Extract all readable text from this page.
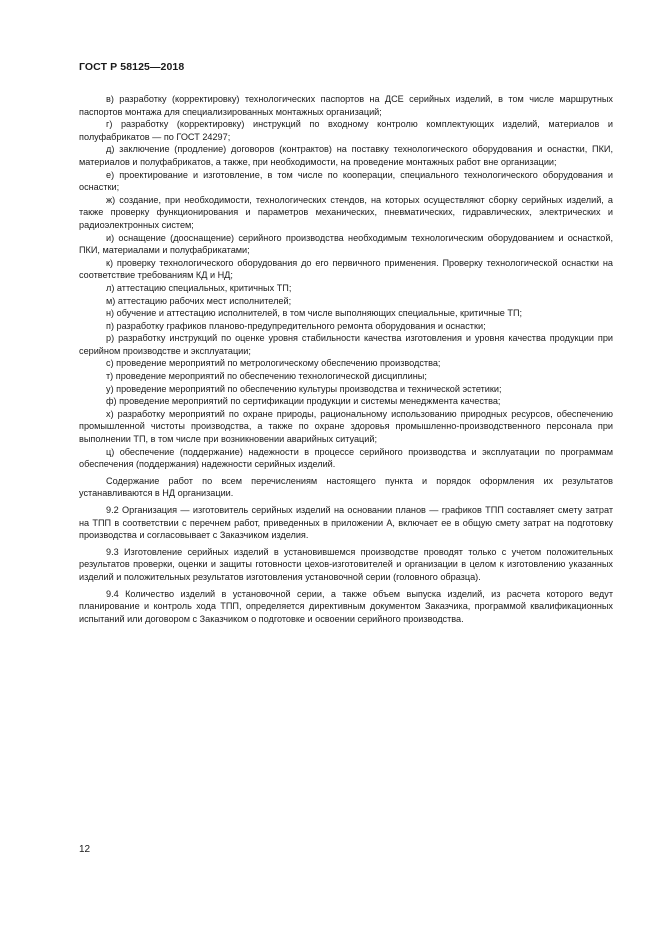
ГОСТ Р 58125—2018

в) разработку (корректировку) технологических паспортов на ДСЕ серийных изделий, в том числе маршрутных паспортов монтажа для специализированных монтажных организаций;

г) разработку (корректировку) инструкций по входному контролю комплектующих изделий, материалов и полуфабрикатов — по ГОСТ 24297;

д) заключение (продление) договоров (контрактов) на поставку технологического оборудования и оснастки, ПКИ, материалов и полуфабрикатов, а также, при необходимости, на проведение монтажных работ вне организации;

е) проектирование и изготовление, в том числе по кооперации, специального технологического оборудования и оснастки;

ж) создание, при необходимости, технологических стендов, на которых осуществляют сборку серийных изделий, а также проверку функционирования и параметров механических, пневматических, гидравлических, электрических и радиоэлектронных систем;

и) оснащение (дооснащение) серийного производства необходимым технологическим оборудованием и оснасткой, ПКИ, материалами и полуфабрикатами;

к) проверку технологического оборудования до его первичного применения. Проверку технологической оснастки на соответствие требованиям КД и НД;

л) аттестацию специальных, критичных ТП;

м) аттестацию рабочих мест исполнителей;

н) обучение и аттестацию исполнителей, в том числе выполняющих специальные, критичные ТП;

п) разработку графиков планово-предупредительного ремонта оборудования и оснастки;

р) разработку инструкций по оценке уровня стабильности качества изготовления и уровня качества продукции при серийном производстве и эксплуатации;

с) проведение мероприятий по метрологическому обеспечению производства;

т) проведение мероприятий по обеспечению технологической дисциплины;

у) проведение мероприятий по обеспечению культуры производства и технической эстетики;

ф) проведение мероприятий по сертификации продукции и системы менеджмента качества;

х) разработку мероприятий по охране природы, рациональному использованию природных ресурсов, обеспечению промышленной чистоты производства, а также по охране здоровья промышленно-производственного персонала при выполнении ТП, в том числе при возникновении аварийных ситуаций;

ц) обеспечение (поддержание) надежности в процессе серийного производства и эксплуатации по программам обеспечения (поддержания) надежности серийных изделий.

Содержание работ по всем перечислениям настоящего пункта и порядок оформления их результатов устанавливаются в НД организации.

9.2 Организация — изготовитель серийных изделий на основании планов — графиков ТПП составляет смету затрат на ТПП в соответствии с перечнем работ, приведенных в приложении А, включает ее в общую смету затрат на подготовку производства и согласовывает с Заказчиком изделия.

9.3 Изготовление серийных изделий в установившемся производстве проводят только с учетом положительных результатов проверки, оценки и защиты готовности цехов-изготовителей и организации в целом к изготовлению указанных изделий и положительных результатов изготовления установочной серии (головного образца).

9.4 Количество изделий в установочной серии, а также объем выпуска изделий, из расчета которого ведут планирование и контроль хода ТПП, определяется директивным документом Заказчика, программой квалификационных испытаний или договором с Заказчиком о подготовке и освоении серийного производства.

12
